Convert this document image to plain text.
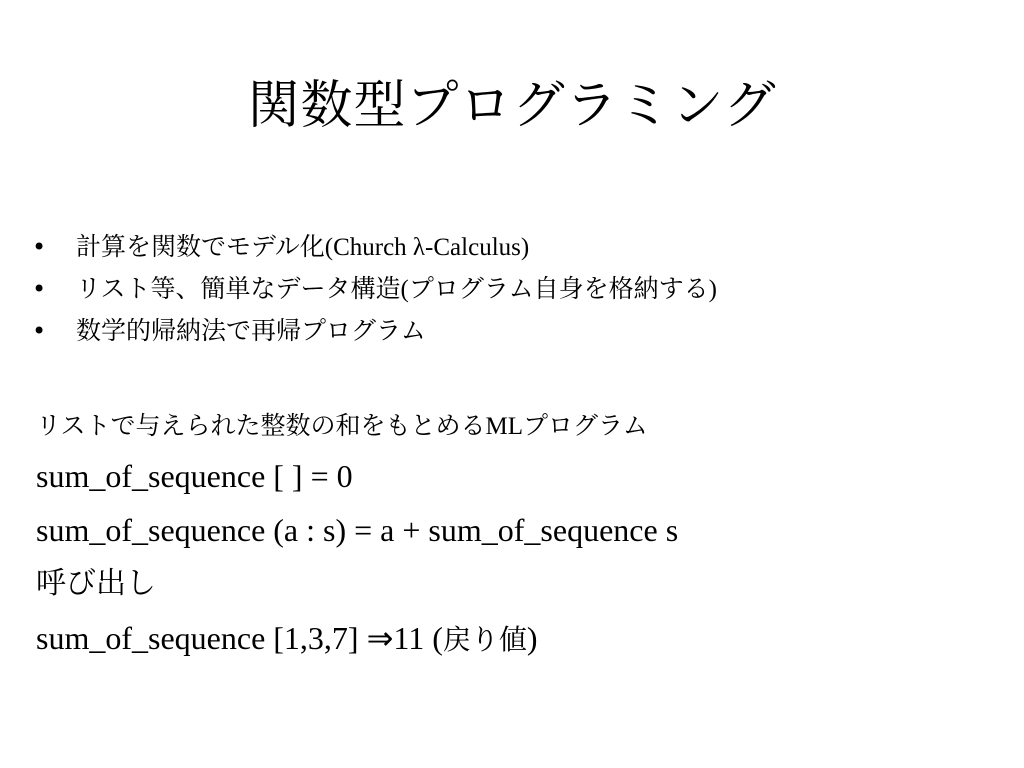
関数型プログラミング
• 計算を関数でモデル化(Church λ-Calculus)
• リスト等、簡単なデータ構造(プログラム自身を格納する)
• 数学的帰納法で再帰プログラム
リストで与えられた整数の和をもとめるMLプログラム
sum_of_sequence [ ] = 0
sum_of_sequence (a : s) = a + sum_of_sequence s
呼び出し
sum_of_sequence [1,3,7] ⇒11 (戻り値)
